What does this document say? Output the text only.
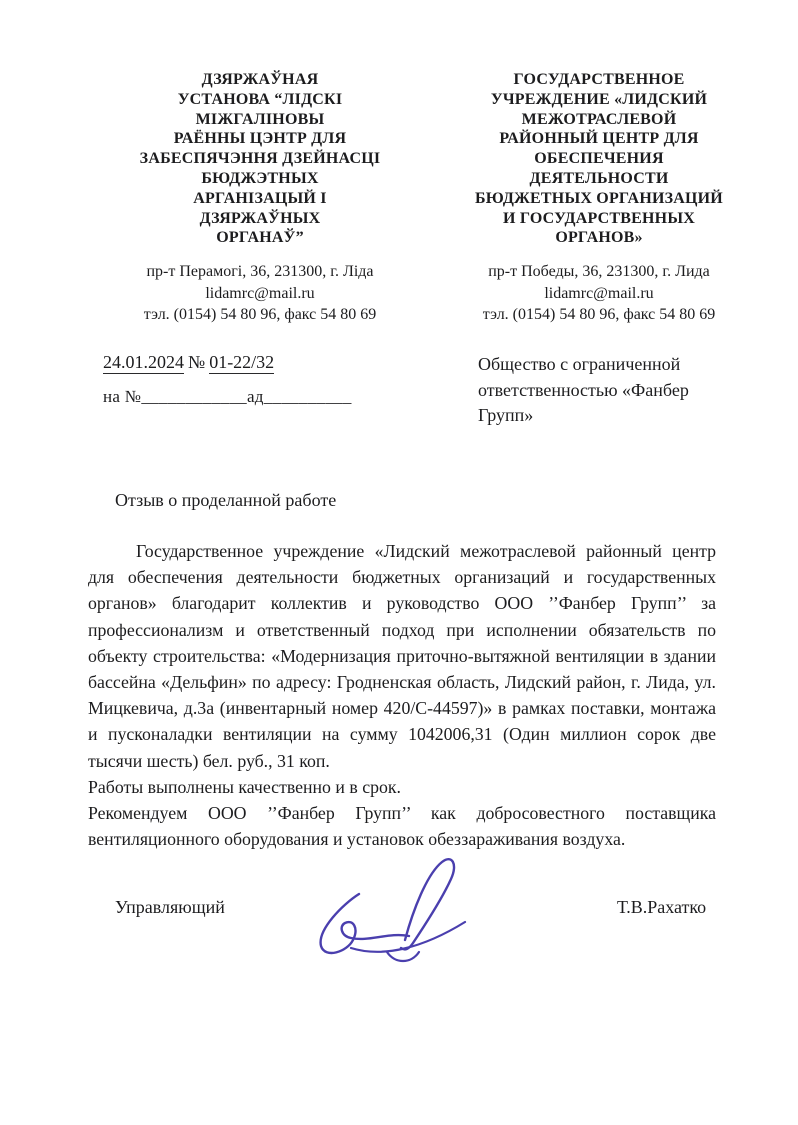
ДЗЯРЖАЎНАЯ
УСТАНОВА “ЛІДСКІ
МІЖГАЛІНОВЫ
РАЁННЫ ЦЭНТР ДЛЯ
ЗАБЕСПЯЧЭННЯ ДЗЕЙНАСЦІ
БЮДЖЭТНЫХ
АРГАНІЗАЦЫЙ І
ДЗЯРЖАЎНЫХ
ОРГАНАЎ”
пр-т Перамогі, 36, 231300, г. Ліда
lidamrc@mail.ru
тэл. (0154) 54 80 96, факс 54 80 69
ГОСУДАРСТВЕННОЕ
УЧРЕЖДЕНИЕ «ЛИДСКИЙ
МЕЖОТРАСЛЕВОЙ
РАЙОННЫЙ ЦЕНТР ДЛЯ
ОБЕСПЕЧЕНИЯ
ДЕЯТЕЛЬНОСТИ
БЮДЖЕТНЫХ ОРГАНИЗАЦИЙ
И ГОСУДАРСТВЕННЫХ
ОРГАНОВ»
пр-т Победы, 36, 231300, г. Лида
lidamrc@mail.ru
тэл. (0154) 54 80 96, факс 54 80 69
24.01.2024 № 01-22/32
на №____________ад__________
Общество с ограниченной
ответственностью «Фанбер
Групп»
Отзыв о проделанной работе

Государственное учреждение «Лидский межотраслевой районный центр для обеспечения деятельности бюджетных организаций и государственных органов» благодарит коллектив и руководство ООО ’’Фанбер Групп’’ за профессионализм и ответственный подход при исполнении обязательств по объекту строительства: «Модернизация приточно-вытяжной вентиляции в здании бассейна «Дельфин» по адресу: Гродненская область, Лидский район, г. Лида, ул. Мицкевича, д.3а (инвентарный номер 420/С-44597)» в рамках поставки, монтажа и пусконаладки вентиляции на сумму 1042006,31 (Один миллион сорок две тысячи шесть) бел. руб., 31 коп.

Работы выполнены качественно и в срок.

Рекомендуем ООО ’’Фанбер Групп’’ как добросовестного поставщика вентиляционного оборудования и установок обеззараживания воздуха.

Управляющий	Т.В.Рахатко
